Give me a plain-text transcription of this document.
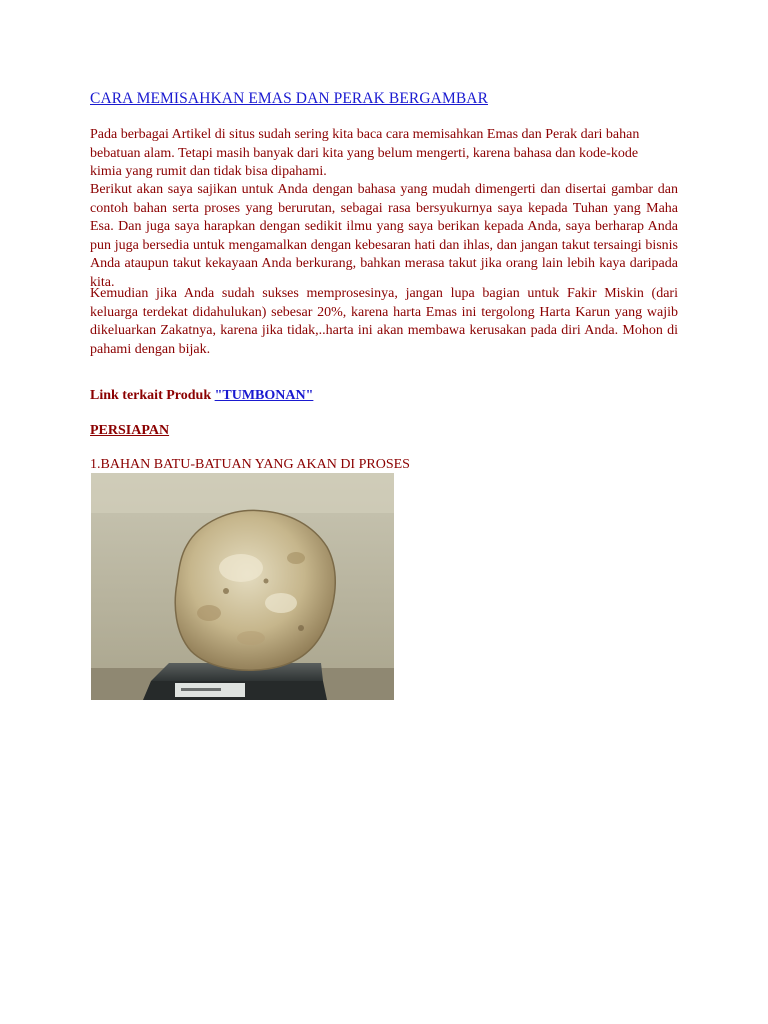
CARA MEMISAHKAN EMAS DAN PERAK BERGAMBAR

Pada berbagai Artikel di situs sudah sering kita baca cara memisahkan Emas dan Perak dari bahan bebatuan alam. Tetapi masih banyak dari kita yang belum mengerti, karena bahasa dan kode-kode kimia yang rumit dan tidak bisa dipahami.

Berikut akan saya sajikan untuk Anda dengan bahasa yang mudah dimengerti dan disertai gambar dan contoh bahan serta proses yang berurutan, sebagai rasa bersyukurnya saya kepada Tuhan yang Maha Esa. Dan juga saya harapkan dengan sedikit ilmu yang saya berikan kepada Anda, saya berharap Anda pun juga bersedia untuk mengamalkan dengan kebesaran hati dan ihlas, dan jangan takut tersaingi bisnis Anda ataupun takut kekayaan Anda berkurang, bahkan merasa takut jika orang lain lebih kaya daripada kita.

Kemudian jika Anda sudah sukses memprosesinya, jangan lupa bagian untuk Fakir Miskin (dari keluarga terdekat didahulukan) sebesar 20%, karena harta Emas ini tergolong Harta Karun yang wajib dikeluarkan Zakatnya, karena jika tidak,..harta ini akan membawa kerusakan pada diri Anda. Mohon di pahami dengan bijak.

Link terkait Produk "TUMBONAN"

PERSIAPAN

1.BAHAN BATU-BATUAN YANG AKAN DI PROSES
